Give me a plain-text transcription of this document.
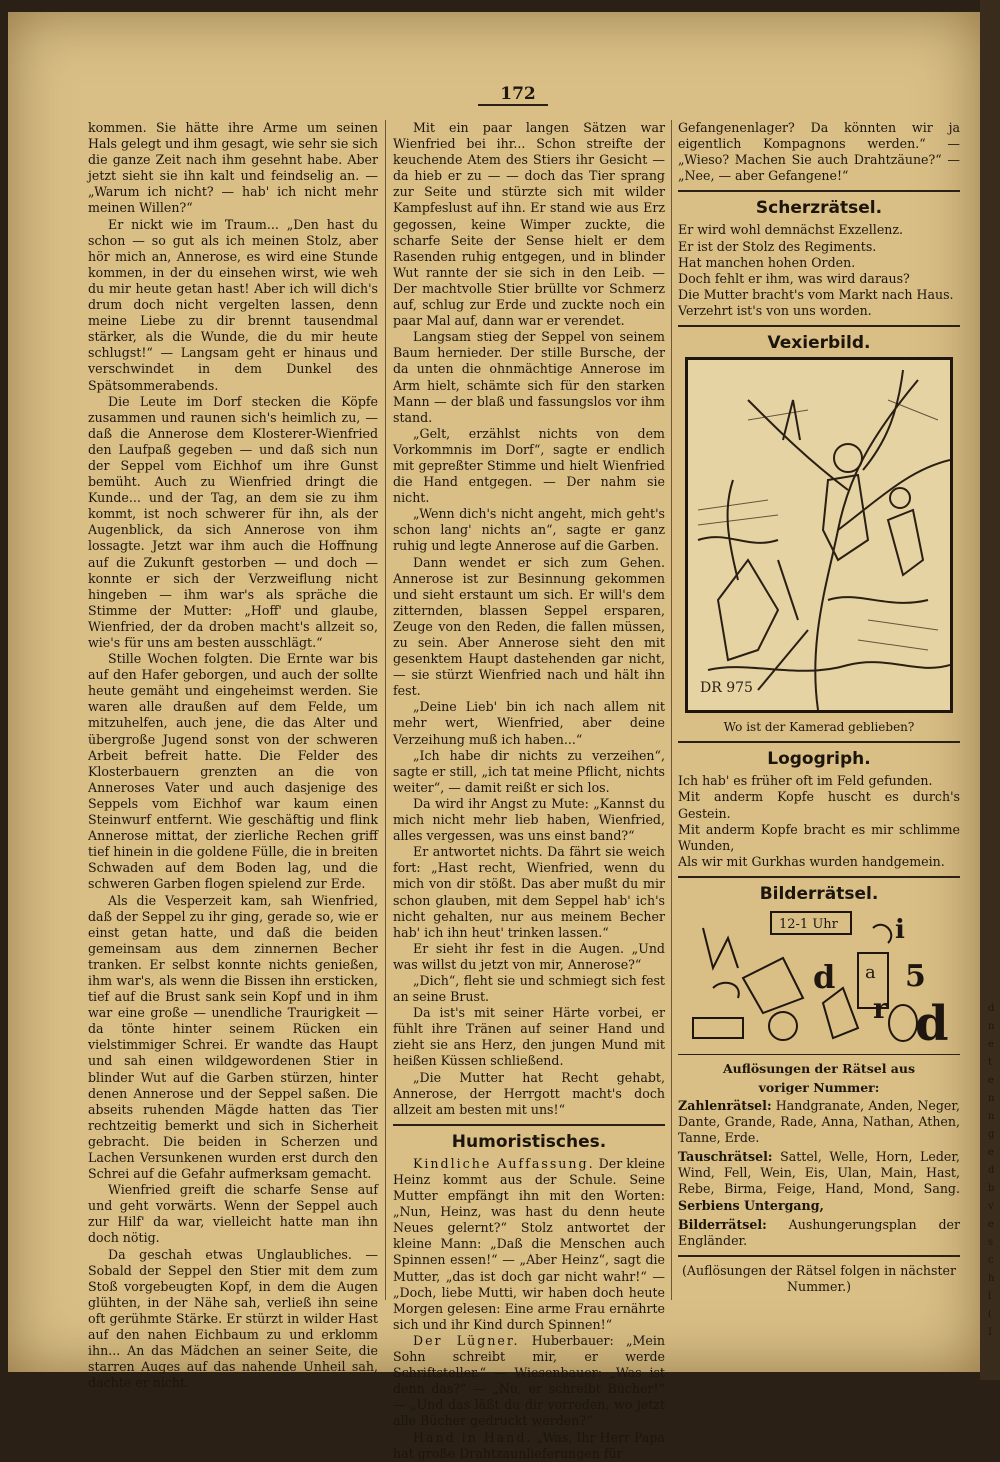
172

kommen. Sie hätte ihre Arme um seinen Hals gelegt und ihm gesagt, wie sehr sie sich die ganze Zeit nach ihm gesehnt habe. Aber jetzt sieht sie ihn kalt und feindselig an. — „Warum ich nicht? — hab' ich nicht mehr meinen Willen?“

Er nickt wie im Traum... „Den hast du schon — so gut als ich meinen Stolz, aber hör mich an, Annerose, es wird eine Stunde kommen, in der du einsehen wirst, wie weh du mir heute getan hast! Aber ich will dich's drum doch nicht vergelten lassen, denn meine Liebe zu dir brennt tausendmal stärker, als die Wunde, die du mir heute schlugst!“ — Langsam geht er hinaus und verschwindet in dem Dunkel des Spätsommerabends.

Die Leute im Dorf stecken die Köpfe zusammen und raunen sich's heimlich zu, — daß die Annerose dem Klosterer-Wienfried den Laufpaß gegeben — und daß sich nun der Seppel vom Eichhof um ihre Gunst bemüht. Auch zu Wienfried dringt die Kunde... und der Tag, an dem sie zu ihm kommt, ist noch schwerer für ihn, als der Augenblick, da sich Annerose von ihm lossagte. Jetzt war ihm auch die Hoffnung auf die Zukunft gestorben — und doch — konnte er sich der Verzweiflung nicht hingeben — ihm war's als spräche die Stimme der Mutter: „Hoff' und glaube, Wienfried, der da droben macht's allzeit so, wie's für uns am besten ausschlägt.“

Stille Wochen folgten. Die Ernte war bis auf den Hafer geborgen, und auch der sollte heute gemäht und eingeheimst werden. Sie waren alle draußen auf dem Felde, um mitzuhelfen, auch jene, die das Alter und übergroße Jugend sonst von der schweren Arbeit befreit hatte. Die Felder des Klosterbauern grenzten an die von Anneroses Vater und auch dasjenige des Seppels vom Eichhof war kaum einen Steinwurf entfernt. Wie geschäftig und flink Annerose mittat, der zierliche Rechen griff tief hinein in die goldene Fülle, die in breiten Schwaden auf dem Boden lag, und die schweren Garben flogen spielend zur Erde.

Als die Vesperzeit kam, sah Wienfried, daß der Seppel zu ihr ging, gerade so, wie er einst getan hatte, und daß die beiden gemeinsam aus dem zinnernen Becher tranken. Er selbst konnte nichts genießen, ihm war's, als wenn die Bissen ihn ersticken, tief auf die Brust sank sein Kopf und in ihm war eine große — unendliche Traurigkeit — da tönte hinter seinem Rücken ein vielstimmiger Schrei. Er wandte das Haupt und sah einen wildgewordenen Stier in blinder Wut auf die Garben stürzen, hinter denen Annerose und der Seppel saßen. Die abseits ruhenden Mägde hatten das Tier rechtzeitig bemerkt und sich in Sicherheit gebracht. Die beiden in Scherzen und Lachen Versunkenen wurden erst durch den Schrei auf die Gefahr aufmerksam gemacht.

Wienfried greift die scharfe Sense auf und geht vorwärts. Wenn der Seppel auch zur Hilf' da war, vielleicht hatte man ihn doch nötig.

Da geschah etwas Unglaubliches. — Sobald der Seppel den Stier mit dem zum Stoß vorgebeugten Kopf, in dem die Augen glühten, in der Nähe sah, verließ ihn seine oft gerühmte Stärke. Er stürzt in wilder Hast auf den nahen Eichbaum zu und erklomm ihn... An das Mädchen an seiner Seite, die starren Auges auf das nahende Unheil sah, dachte er nicht.

Mit ein paar langen Sätzen war Wienfried bei ihr... Schon streifte der keuchende Atem des Stiers ihr Gesicht — da hieb er zu — — doch das Tier sprang zur Seite und stürzte sich mit wilder Kampfeslust auf ihn. Er stand wie aus Erz gegossen, keine Wimper zuckte, die scharfe Seite der Sense hielt er dem Rasenden ruhig entgegen, und in blinder Wut rannte der sie sich in den Leib. — Der machtvolle Stier brüllte vor Schmerz auf, schlug zur Erde und zuckte noch ein paar Mal auf, dann war er verendet.

Langsam stieg der Seppel von seinem Baum hernieder. Der stille Bursche, der da unten die ohnmächtige Annerose im Arm hielt, schämte sich für den starken Mann — der blaß und fassungslos vor ihm stand.

„Gelt, erzählst nichts von dem Vorkommnis im Dorf“, sagte er endlich mit gepreßter Stimme und hielt Wienfried die Hand entgegen. — Der nahm sie nicht.

„Wenn dich's nicht angeht, mich geht's schon lang' nichts an“, sagte er ganz ruhig und legte Annerose auf die Garben.

Dann wendet er sich zum Gehen. Annerose ist zur Besinnung gekommen und sieht erstaunt um sich. Er will's dem zitternden, blassen Seppel ersparen, Zeuge von den Reden, die fallen müssen, zu sein. Aber Annerose sieht den mit gesenktem Haupt dastehenden gar nicht, — sie stürzt Wienfried nach und hält ihn fest.

„Deine Lieb' bin ich nach allem nit mehr wert, Wienfried, aber deine Verzeihung muß ich haben...“

„Ich habe dir nichts zu verzeihen“, sagte er still, „ich tat meine Pflicht, nichts weiter“, — damit reißt er sich los.

Da wird ihr Angst zu Mute: „Kannst du mich nicht mehr lieb haben, Wienfried, alles vergessen, was uns einst band?“

Er antwortet nichts. Da fährt sie weich fort: „Hast recht, Wienfried, wenn du mich von dir stößt. Das aber mußt du mir schon glauben, mit dem Seppel hab' ich's nicht gehalten, nur aus meinem Becher hab' ich ihn heut' trinken lassen.“

Er sieht ihr fest in die Augen. „Und was willst du jetzt von mir, Annerose?“

„Dich“, fleht sie und schmiegt sich fest an seine Brust.

Da ist's mit seiner Härte vorbei, er fühlt ihre Tränen auf seiner Hand und zieht sie ans Herz, den jungen Mund mit heißen Küssen schließend.

„Die Mutter hat Recht gehabt, Annerose, der Herrgott macht's doch allzeit am besten mit uns!“

Humoristisches.

Kindliche Auffassung. Der kleine Heinz kommt aus der Schule. Seine Mutter empfängt ihn mit den Worten: „Nun, Heinz, was hast du denn heute Neues gelernt?“ Stolz antwortet der kleine Mann: „Daß die Menschen auch Spinnen essen!“ — „Aber Heinz“, sagt die Mutter, „das ist doch gar nicht wahr!“ — „Doch, liebe Mutti, wir haben doch heute Morgen gelesen: Eine arme Frau ernährte sich und ihr Kind durch Spinnen!“

Der Lügner. Huberbauer: „Mein Sohn schreibt mir, er werde Schriftsteller.“ — Wiesenbauer: „Was ist denn das?“ — „Nu, er schreibt Bücher!“ — „Und das läßt du dir vorreden, wo jetzt alle Bücher gedruckt werden?“

Hand in Hand. „Was, Ihr Herr Papa hat große Drahtzaunlieferungen für

Gefangenenlager? Da könnten wir ja eigentlich Kompagnons werden.“ — „Wieso? Machen Sie auch Drahtzäune?“ — „Nee, — aber Gefangene!“

Scherzrätsel.
Er wird wohl demnächst Exzellenz.
Er ist der Stolz des Regiments.
Hat manchen hohen Orden.
Doch fehlt er ihm, was wird daraus?
Die Mutter bracht's vom Markt nach Haus.
Verzehrt ist's von uns worden.
Vexierbild.
DR 975
Wo ist der Kamerad geblieben?
Logogriph.
Ich hab' es früher oft im Feld gefunden.
Mit anderm Kopfe huscht es durch's Gestein.
Mit anderm Kopfe bracht es mir schlimme Wunden,
Als wir mit Gurkhas wurden handgemein.
Bilderrätsel.
12-1 Uhr i
5
a
d
r d
Auflösungen der Rätsel aus
voriger Nummer:

Zahlenrätsel: Handgranate, Anden, Neger, Dante, Grande, Rade, Anna, Nathan, Athen, Tanne, Erde.

Tauschrätsel: Sattel, Welle, Horn, Leder, Wind, Fell, Wein, Eis, Ulan, Main, Hast, Rebe, Birma, Feige, Hand, Mond, Sang. Serbiens Untergang,

Bilderrätsel: Aushungerungsplan der Engländer.

(Auflösungen der Rätsel folgen in nächster Nummer.)

d n e t e n n g e d b v e s c h l ( I
